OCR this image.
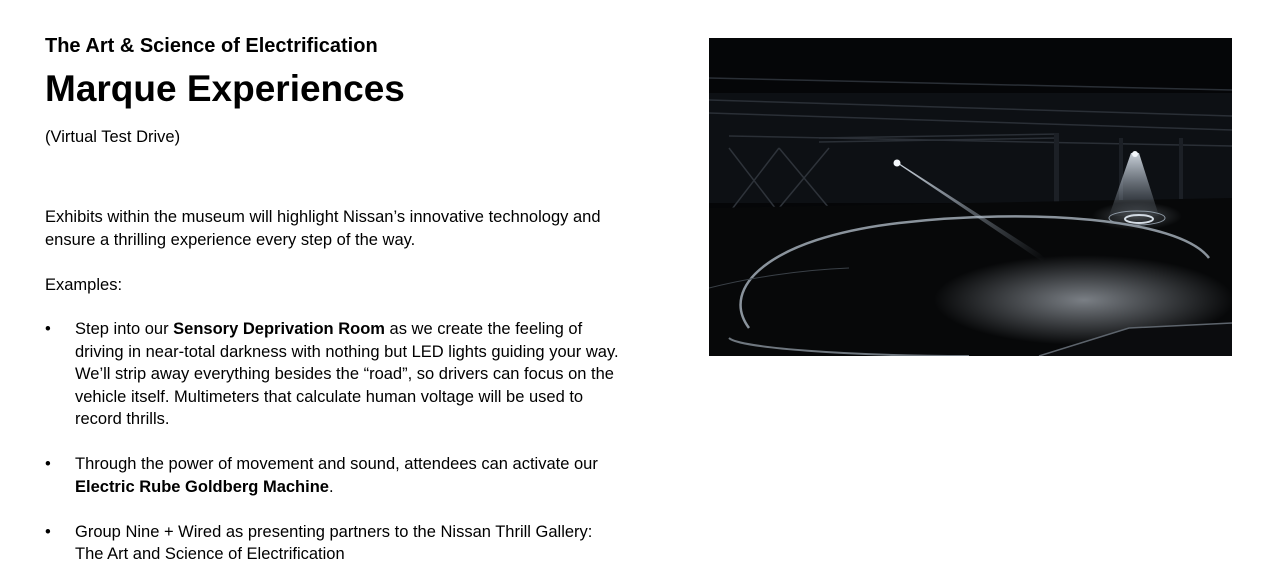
The Art & Science of Electrification
Marque Experiences
(Virtual Test Drive)
Exhibits within the museum will highlight Nissan’s innovative technology and ensure a thrilling experience every step of the way.
Examples:
• Step into our Sensory Deprivation Room as we create the feeling of driving in near-total darkness with nothing but LED lights guiding your way. We’ll strip away everything besides the “road”, so drivers can focus on the vehicle itself. Multimeters that calculate human voltage will be used to record thrills.
• Through the power of movement and sound, attendees can activate our Electric Rube Goldberg Machine.
• Group Nine + Wired as presenting partners to the Nissan Thrill Gallery: The Art and Science of Electrification
